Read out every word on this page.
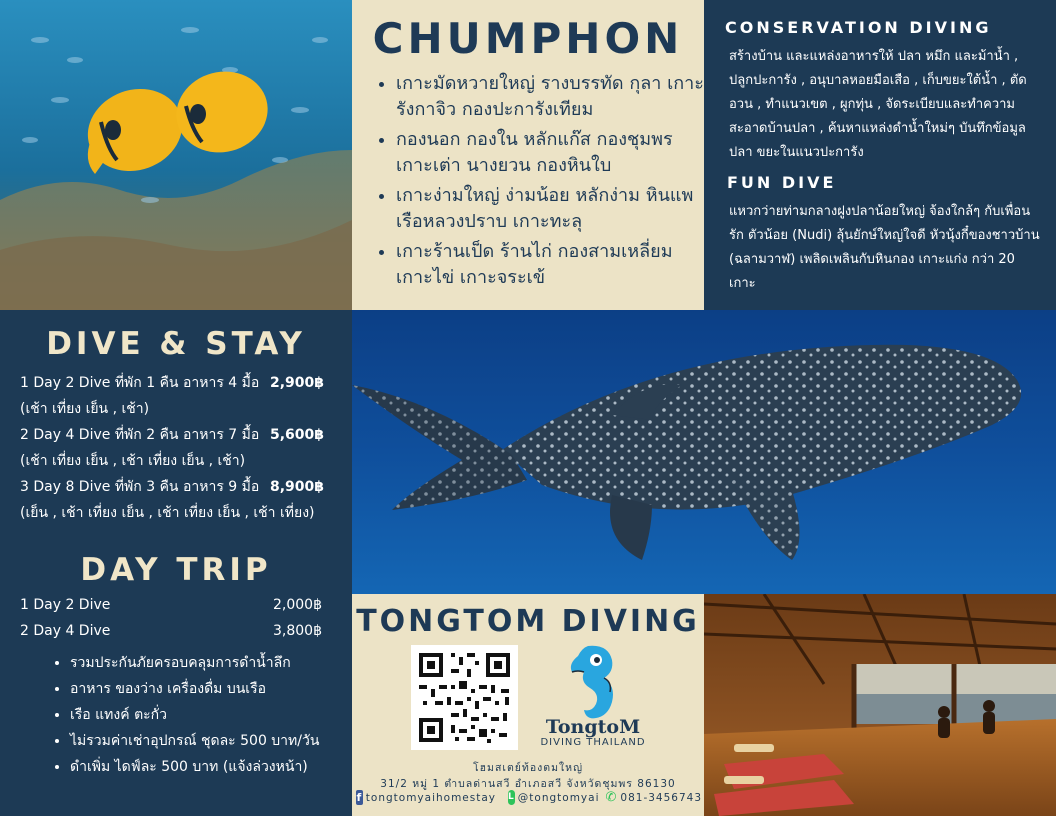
CHUMPHON
• เกาะมัดหวายใหญ่ รางบรรทัด กุลา เกาะรังกาจิว กองปะการังเทียม
• กองนอก กองใน หลักแก๊ส กองชุมพร เกาะเต่า นางยวน กองหินใบ
• เกาะง่ามใหญ่ ง่ามน้อย หลักง่าม หินแพ เรือหลวงปราบ เกาะทะลุ
• เกาะร้านเป็ด ร้านไก่ กองสามเหลี่ยม เกาะไข่ เกาะจระเข้
CONSERVATION DIVING

สร้างบ้าน และแหล่งอาหารให้ ปลา หมึก และม้าน้ำ , ปลูกปะการัง , อนุบาลหอยมือเสือ , เก็บขยะใต้น้ำ , ตัดอวน , ทำแนวเขต , ผูกทุ่น , จัดระเบียบและทำความสะอาดบ้านปลา , ค้นหาแหล่งดำน้ำใหม่ๆ บันทึกข้อมูลปลา ขยะในแนวปะการัง

FUN DIVE

แหวกว่ายท่ามกลางฝูงปลาน้อยใหญ่ จ้องใกล้ๆ กับเพื่อนรัก ตัวน้อย (Nudi) ลุ้นยักษ์ใหญ่ใจดี หัวนุ้งกี๋ของชาวบ้าน (ฉลามวาฬ) เพลิดเพลินกับหินกอง เกาะแก่ง กว่า 20 เกาะ

DIVE & STAY
1 Day 2 Dive ที่พัก 1 คืน อาหาร 4 มื้อ
(เช้า เที่ยง เย็น , เช้า)
2,900฿
2 Day 4 Dive ที่พัก 2 คืน อาหาร 7 มื้อ
(เช้า เที่ยง เย็น , เช้า เที่ยง เย็น , เช้า)
5,600฿
3 Day 8 Dive ที่พัก 3 คืน อาหาร 9 มื้อ
(เย็น , เช้า เที่ยง เย็น , เช้า เที่ยง เย็น , เช้า เที่ยง)
8,900฿
DAY TRIP
1 Day 2 Dive	2,000฿
2 Day 4 Dive	3,800฿
• รวมประกันภัยครอบคลุมการดำน้ำลึก
• อาหาร ของว่าง เครื่องดื่ม บนเรือ
• เรือ แทงค์ ตะกั่ว
• ไม่รวมค่าเช่าอุปกรณ์ ชุดละ 500 บาท/วัน
• ดำเพิ่ม ไดฟ์ละ 500 บาท (แจ้งล่วงหน้า)
TONGTOM DIVING
TongtoM
DIVING THAILAND
โฮมสเตย์ท้องตมใหญ่
31/2 หมู่ 1 ตำบลด่านสวี อำเภอสวี จังหวัดชุมพร 86130
f tongtomyaihomestay L @tongtomyai ✆ 081-3456743
